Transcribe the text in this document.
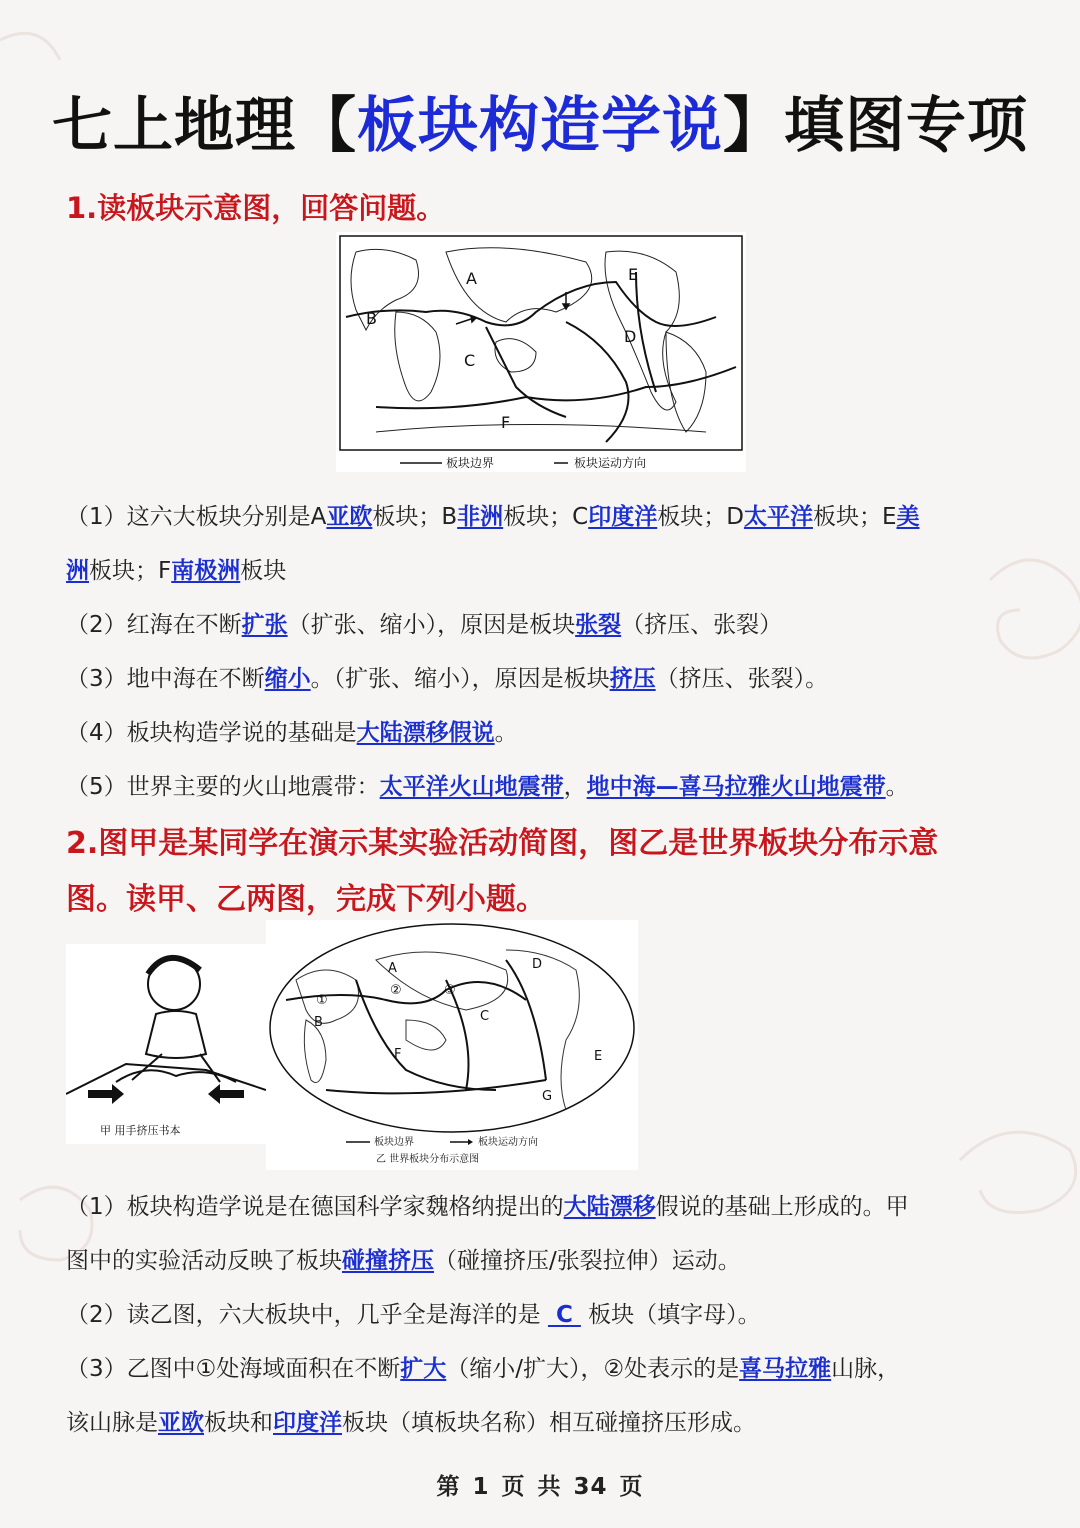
七上地理【板块构造学说】填图专项
1.读板块示意图，回答问题。
A
B
C
D
E
F
板块边界	板块运动方向
（1）这六大板块分别是A亚欧板块；B非洲板块；C印度洋板块；D太平洋板块；E美
洲板块；F南极洲板块
（2）红海在不断扩张（扩张、缩小），原因是板块张裂（挤压、张裂）
（3）地中海在不断缩小。（扩张、缩小），原因是板块挤压（挤压、张裂）。
（4）板块构造学说的基础是大陆漂移假说。
（5）世界主要的火山地震带：太平洋火山地震带，地中海—喜马拉雅火山地震带。
2.图甲是某同学在演示某实验活动简图，图乙是世界板块分布示意
图。读甲、乙两图，完成下列小题。
甲 用手挤压书本
A
B	C
D
E
F
G
①
②	③
板块边界	板块运动方向
乙 世界板块分布示意图
（1）板块构造学说是在德国科学家魏格纳提出的大陆漂移假说的基础上形成的。甲
图中的实验活动反映了板块碰撞挤压（碰撞挤压/张裂拉伸）运动。
（2）读乙图，六大板块中，几乎全是海洋的是  C  板块（填字母）。
（3）乙图中①处海域面积在不断扩大（缩小/扩大），②处表示的是喜马拉雅山脉，
该山脉是亚欧板块和印度洋板块（填板块名称）相互碰撞挤压形成。
第 1 页 共 34 页
